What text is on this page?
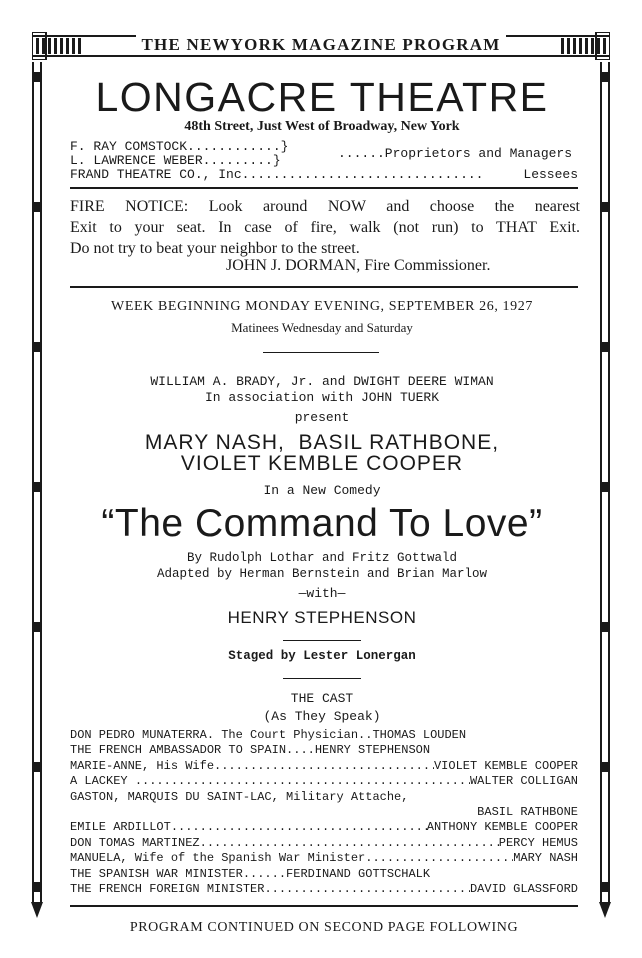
THE NEWYORK MAGAZINE PROGRAM
LONGACRE THEATRE
48th Street, Just West of Broadway, New York
F. RAY COMSTOCK............}
L. LAWRENCE WEBER.........}	......Proprietors and Managers
FRAND THEATRE CO., Inc...............................	Lessees
FIRE NOTICE: Look around NOW and choose the nearest
Exit to your seat. In case of fire, walk (not run) to THAT Exit.
Do not try to beat your neighbor to the street.
JOHN J. DORMAN, Fire Commissioner.
WEEK BEGINNING MONDAY EVENING, SEPTEMBER 26, 1927
Matinees Wednesday and Saturday
WILLIAM A. BRADY, Jr. and DWIGHT DEERE WIMAN
In association with JOHN TUERK
present
MARY NASH,  BASIL RATHBONE,
VIOLET KEMBLE COOPER
In a New Comedy
“The Command To Love”
By Rudolph Lothar and Fritz Gottwald
Adapted by Herman Bernstein and Brian Marlow
—with—
HENRY STEPHENSON
Staged by Lester Lonergan
THE CAST
(As They Speak)
DON PEDRO MUNATERRA. The Court Physician.. THOMAS LOUDEN
THE FRENCH AMBASSADOR TO SPAIN.... HENRY STEPHENSON
MARIE-ANNE, His Wife .....	VIOLET KEMBLE COOPER
A LACKEY .....	WALTER COLLIGAN
GASTON, MARQUIS DU SAINT-LAC, Military Attache,
BASIL RATHBONE
EMILE ARDILLOT .....	ANTHONY KEMBLE COOPER
DON TOMAS MARTINEZ .....	PERCY HEMUS
MANUELA, Wife of the Spanish War Minister .....	MARY NASH
THE SPANISH WAR MINISTER...... FERDINAND GOTTSCHALK
THE FRENCH FOREIGN MINISTER .....	DAVID GLASSFORD
PROGRAM CONTINUED ON SECOND PAGE FOLLOWING
